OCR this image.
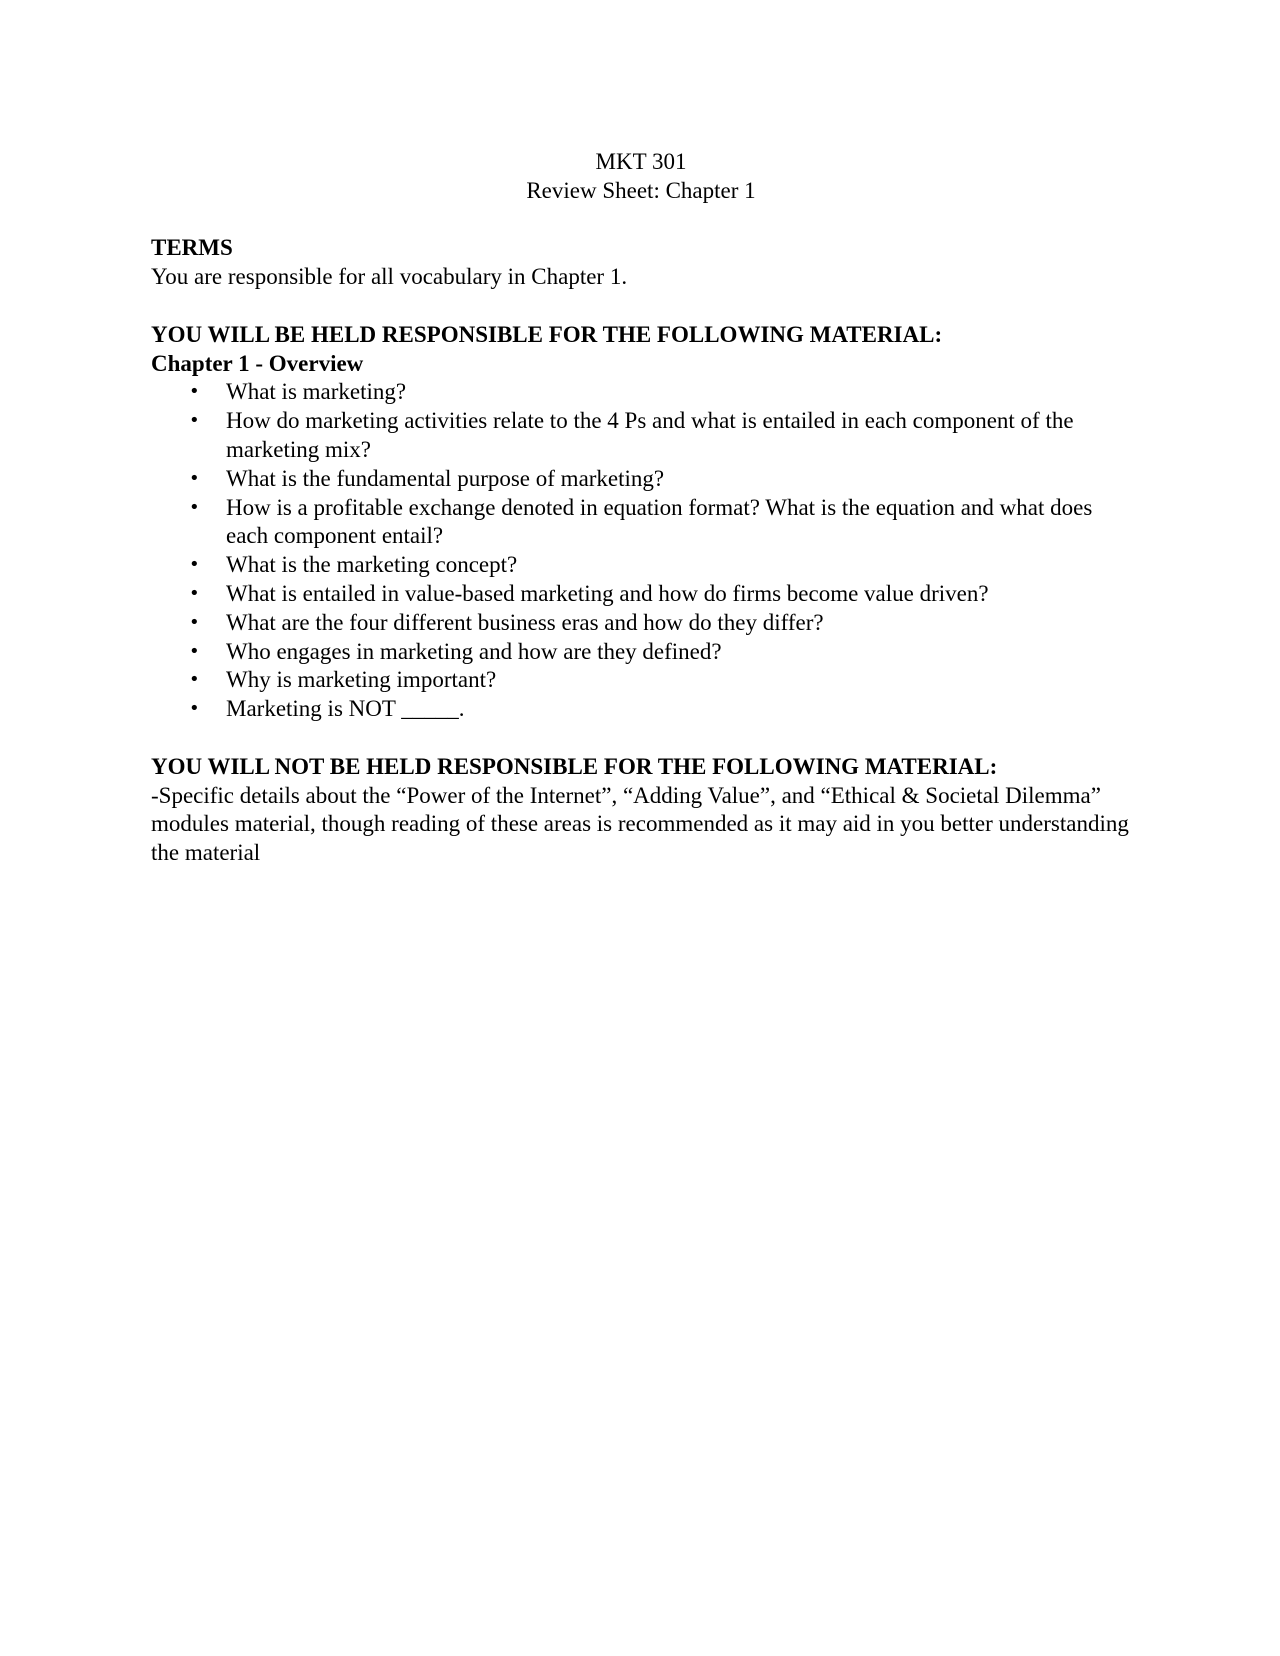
MKT 301
Review Sheet: Chapter 1
TERMS

You are responsible for all vocabulary in Chapter 1.

YOU WILL BE HELD RESPONSIBLE FOR THE FOLLOWING MATERIAL:
Chapter 1 - Overview
• What is marketing?
• How do marketing activities relate to the 4 Ps and what is entailed in each component of the marketing mix?
• What is the fundamental purpose of marketing?
• How is a profitable exchange denoted in equation format? What is the equation and what does each component entail?
• What is the marketing concept?
• What is entailed in value-based marketing and how do firms become value driven?
• What are the four different business eras and how do they differ?
• Who engages in marketing and how are they defined?
• Why is marketing important?
• Marketing is NOT _____.
YOU WILL NOT BE HELD RESPONSIBLE FOR THE FOLLOWING MATERIAL:

-Specific details about the “Power of the Internet”, “Adding Value”, and “Ethical & Societal Dilemma” modules material, though reading of these areas is recommended as it may aid in you better understanding the material
